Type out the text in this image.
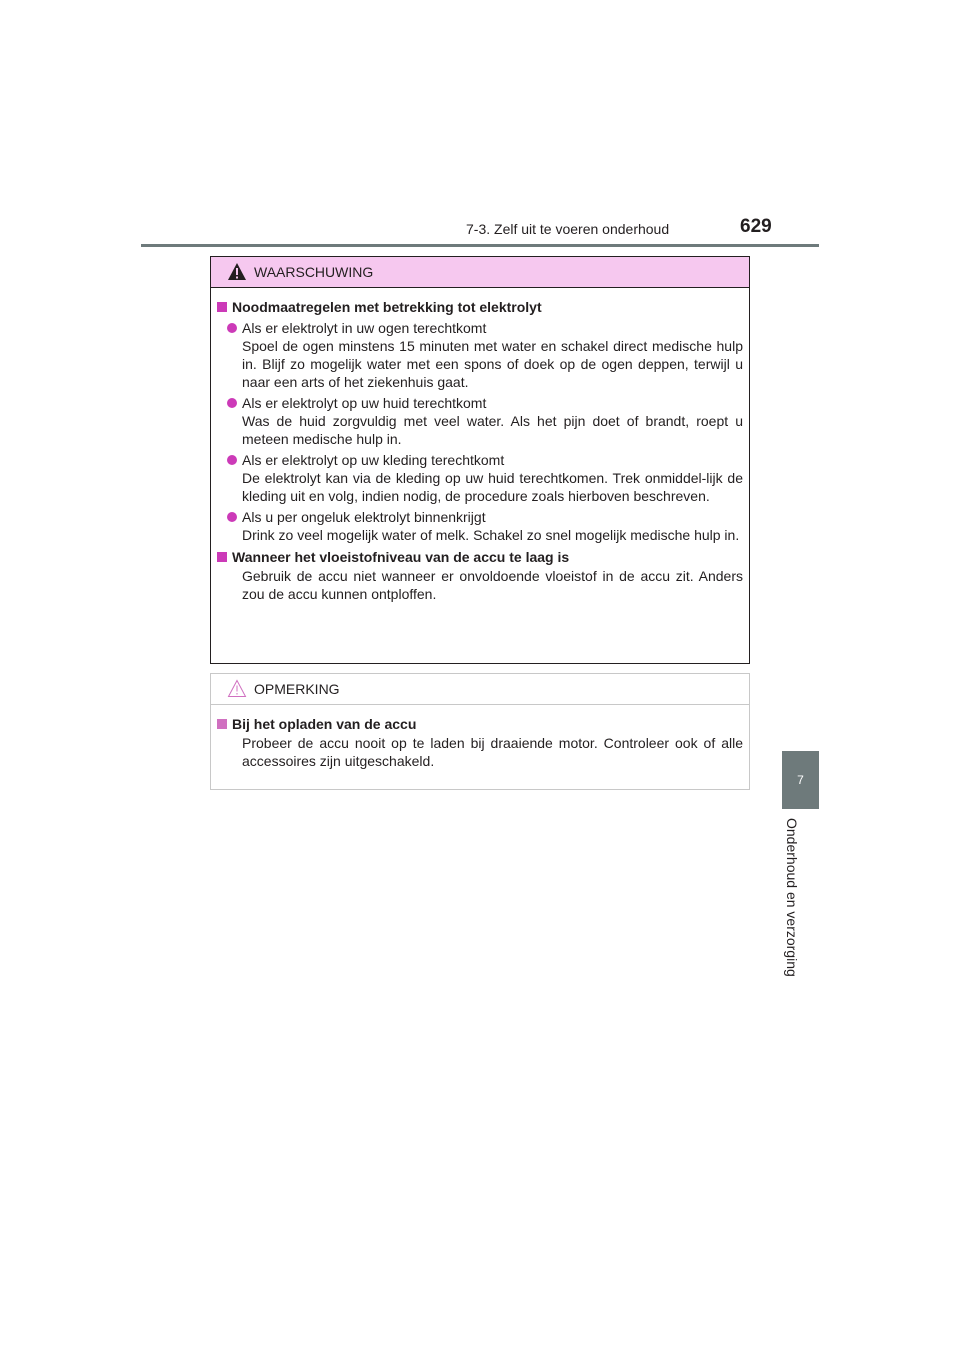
7-3. Zelf uit te voeren onderhoud	629
7
Onderhoud en verzorging
WAARSCHUWING
Noodmaatregelen met betrekking tot elektrolyt
Als er elektrolyt in uw ogen terechtkomt
Spoel de ogen minstens 15 minuten met water en schakel direct medische hulp in. Blijf zo mogelijk water met een spons of doek op de ogen deppen, terwijl u naar een arts of het ziekenhuis gaat.
Als er elektrolyt op uw huid terechtkomt
Was de huid zorgvuldig met veel water. Als het pijn doet of brandt, roept u meteen medische hulp in.
Als er elektrolyt op uw kleding terechtkomt
De elektrolyt kan via de kleding op uw huid terechtkomen. Trek onmiddel-lijk de kleding uit en volg, indien nodig, de procedure zoals hierboven beschreven.
Als u per ongeluk elektrolyt binnenkrijgt
Drink zo veel mogelijk water of melk. Schakel zo snel mogelijk medische hulp in.
Wanneer het vloeistofniveau van de accu te laag is
Gebruik de accu niet wanneer er onvoldoende vloeistof in de accu zit. Anders zou de accu kunnen ontploffen.
OPMERKING
Bij het opladen van de accu
Probeer de accu nooit op te laden bij draaiende motor. Controleer ook of alle accessoires zijn uitgeschakeld.
